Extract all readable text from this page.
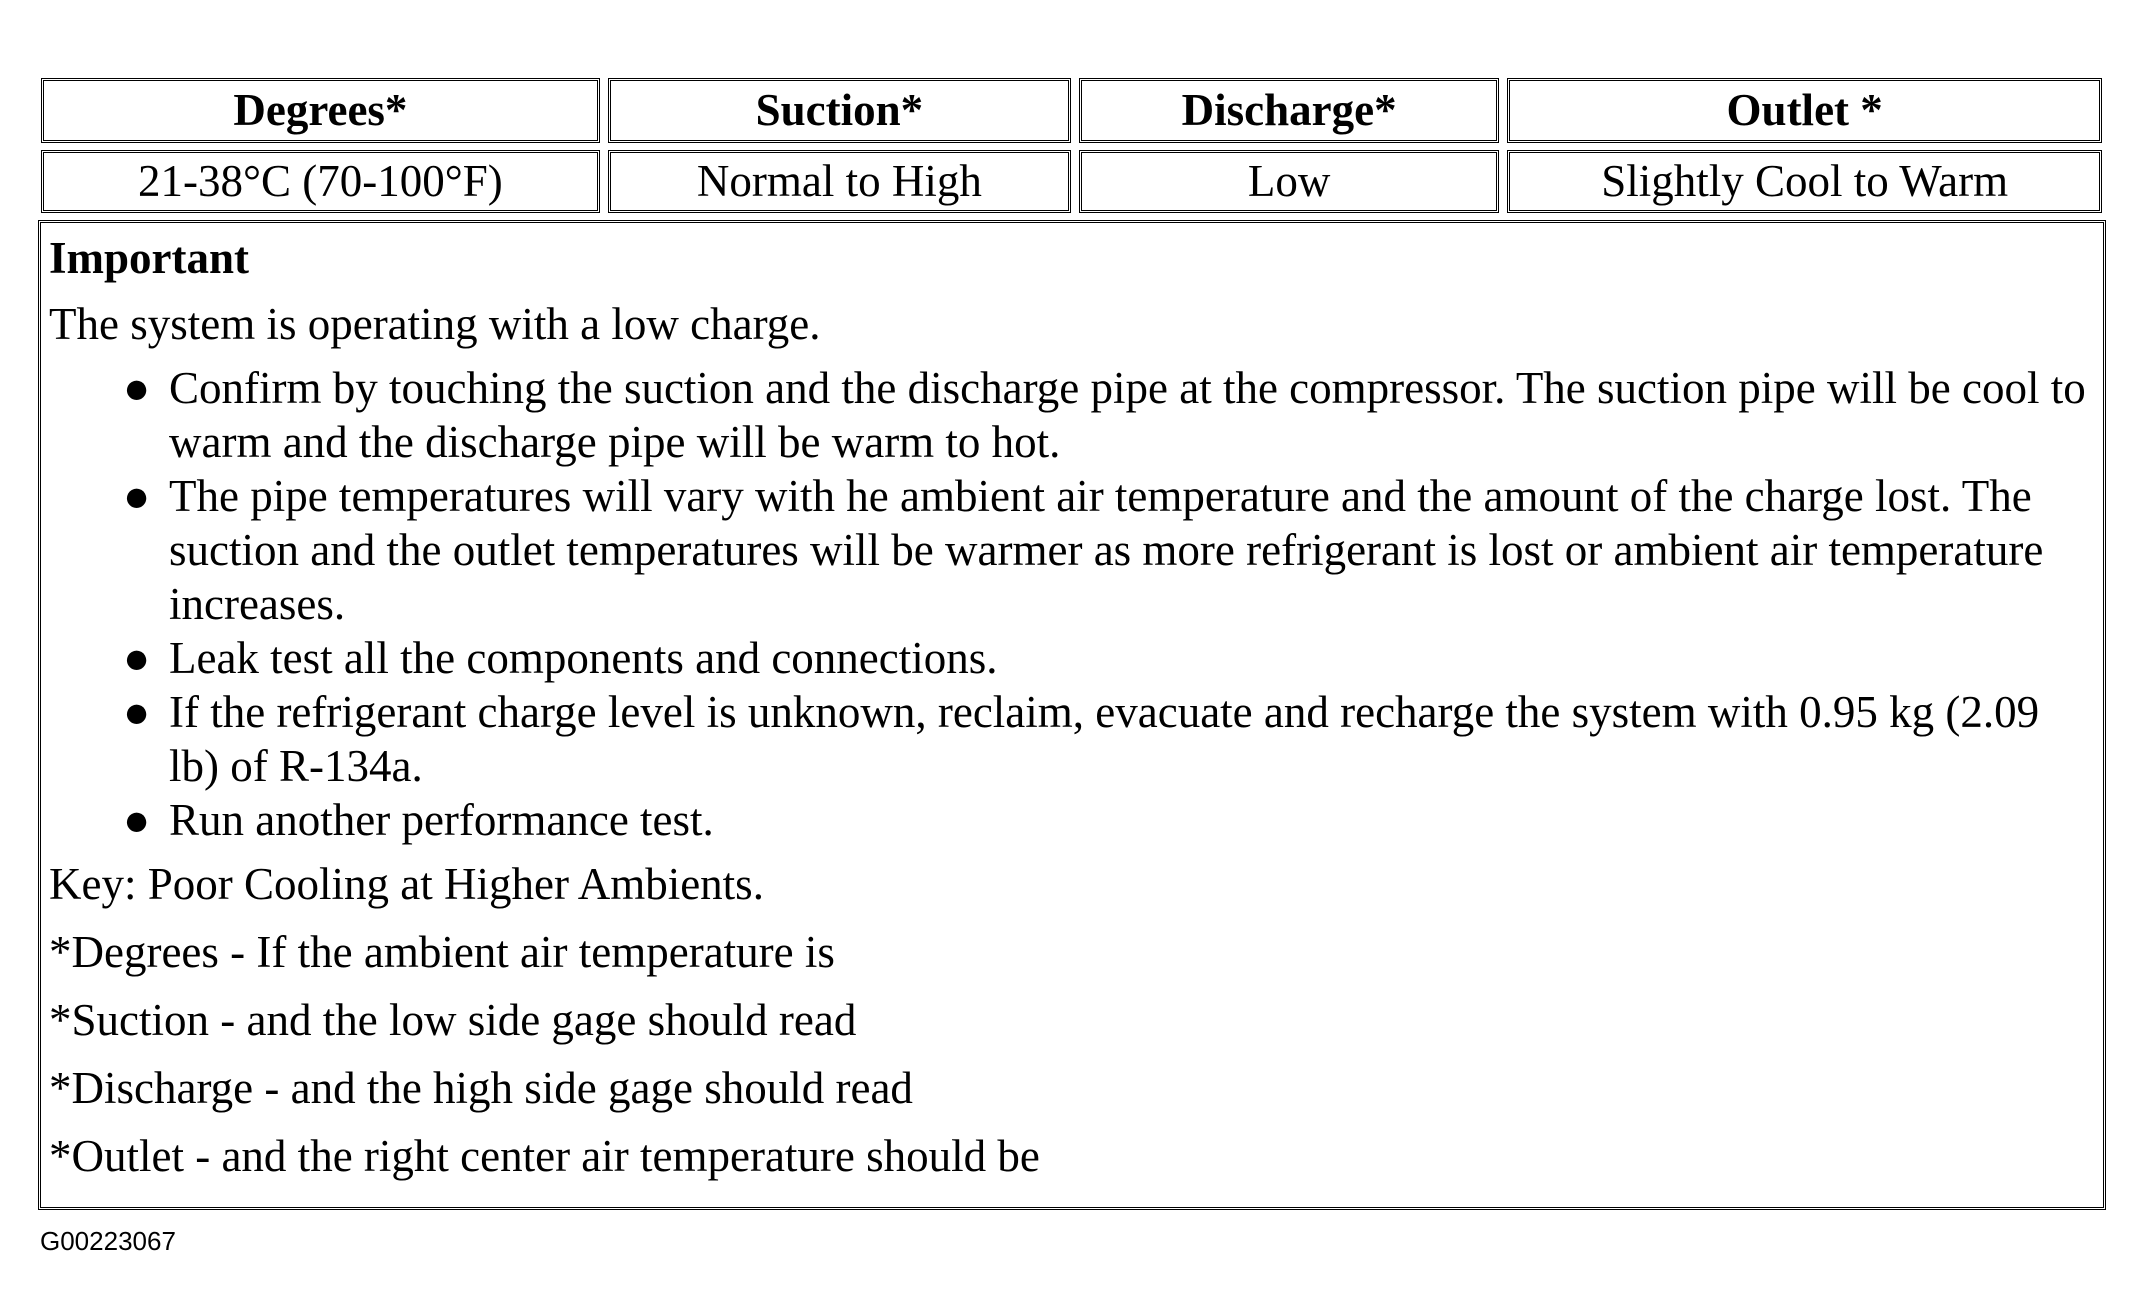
Degrees*	Suction*	Discharge*	Outlet *
21-38°C (70-100°F)	Normal to High	Low	Slightly Cool to Warm
Important
The system is operating with a low charge.
● Confirm by touching the suction and the discharge pipe at the compressor. The suction pipe will be cool to warm and the discharge pipe will be warm to hot.
● The pipe temperatures will vary with he ambient air temperature and the amount of the charge lost. The suction and the outlet temperatures will be warmer as more refrigerant is lost or ambient air temperature increases.
● Leak test all the components and connections.
● If the refrigerant charge level is unknown, reclaim, evacuate and recharge the system with 0.95 kg (2.09 lb) of R-134a.
● Run another performance test.
Key: Poor Cooling at Higher Ambients.
*Degrees - If the ambient air temperature is
*Suction - and the low side gage should read
*Discharge - and the high side gage should read
*Outlet - and the right center air temperature should be
G00223067
